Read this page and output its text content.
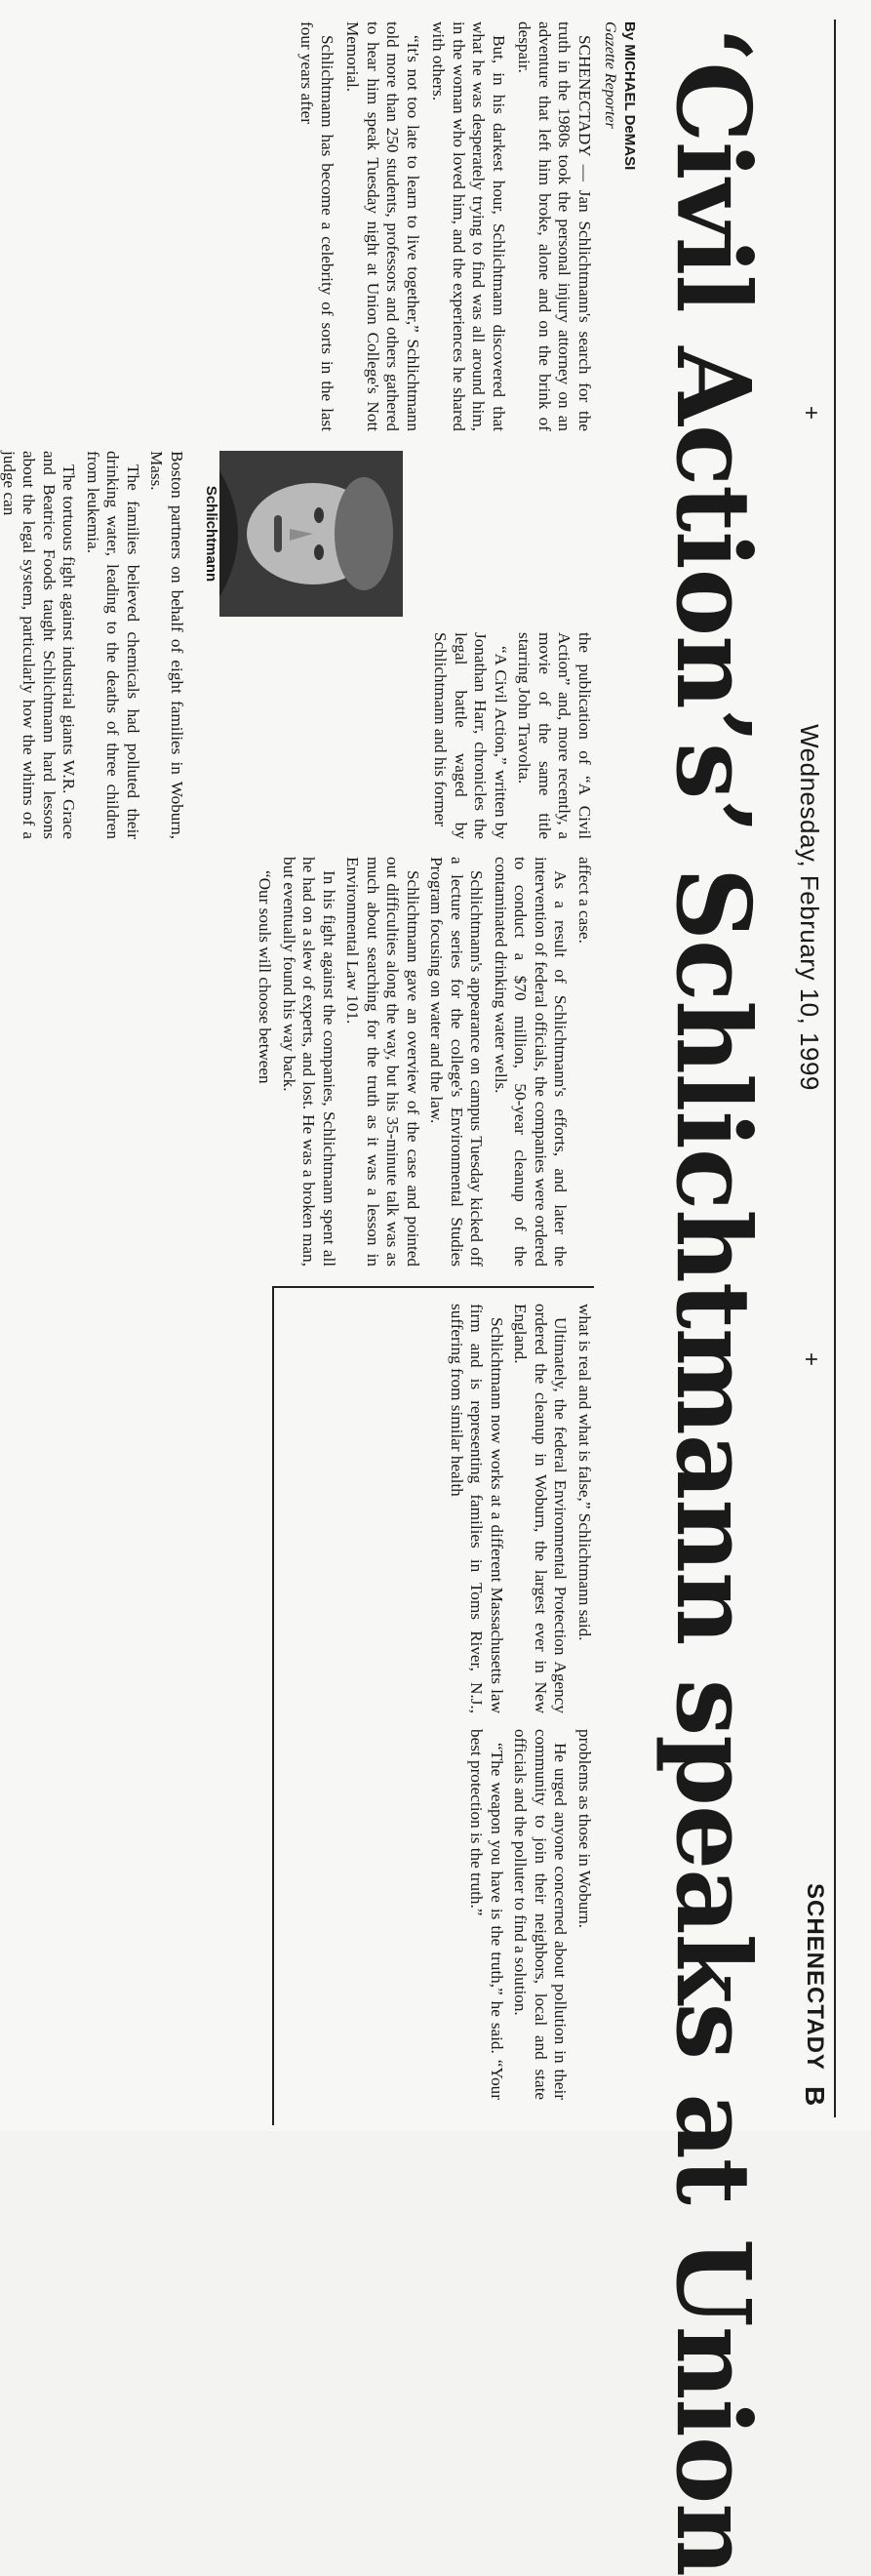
+
+
Wednesday, February 10, 1999
SCHENECTADY
B
‘Civil Action’s’ Schlichtmann speaks at Union
By MICHAEL DeMASI
Gazette Reporter

SCHENECTADY — Jan Schlichtmann's search for the truth in the 1980s took the personal injury attorney on an adventure that left him broke, alone and on the brink of despair.

But, in his darkest hour, Schlichtmann discovered that what he was desperately trying to find was all around him, in the woman who loved him, and the experiences he shared with others.

“It's not too late to learn to live together,” Schlichtmann told more than 250 students, professors and others gathered to hear him speak Tuesday night at Union College's Nott Memorial.

Schlichtmann has become a celebrity of sorts in the last four years after

Schlichtmann

the publication of “A Civil Action” and, more recently, a movie of the same title starring John Travolta.

“A Civil Action,” written by Jonathan Harr, chronicles the legal battle waged by Schlichtmann and his former

Boston partners on behalf of eight families in Woburn, Mass.

The families believed chemicals had polluted their drinking water, leading to the deaths of three children from leukemia.

The tortuous fight against industrial giants W.R. Grace and Beatrice Foods taught Schlichtmann hard lessons about the legal system, particularly how the whims of a judge can

affect a case.

As a result of Schlichtmann's efforts, and later the intervention of federal officials, the companies were ordered to conduct a $70 million, 50-year cleanup of the contaminated drinking water wells.

Schlichtmann's appearance on campus Tuesday kicked off a lecture series for the college's Environmental Studies Program focusing on water and the law.

Schlichtmann gave an overview of the case and pointed out difficulties along the way, but his 35-minute talk was as much about searching for the truth as it was a lesson in Environmental Law 101.

In his fight against the companies, Schlichtmann spent all he had on a slew of experts, and lost. He was a broken man, but eventually found his way back.

“Our souls will choose between

what is real and what is false,” Schlichtmann said.

Ultimately, the federal Environmental Protection Agency ordered the cleanup in Woburn, the largest ever in New England.

Schlichtmann now works at a different Massachusetts law firm and is representing families in Toms River, N.J., suffering from similar health

problems as those in Woburn.

He urged anyone concerned about pollution in their community to join their neighbors, local and state officials and the polluter to find a solution.

“The weapon you have is the truth,” he said. “Your best protection is the truth.”
